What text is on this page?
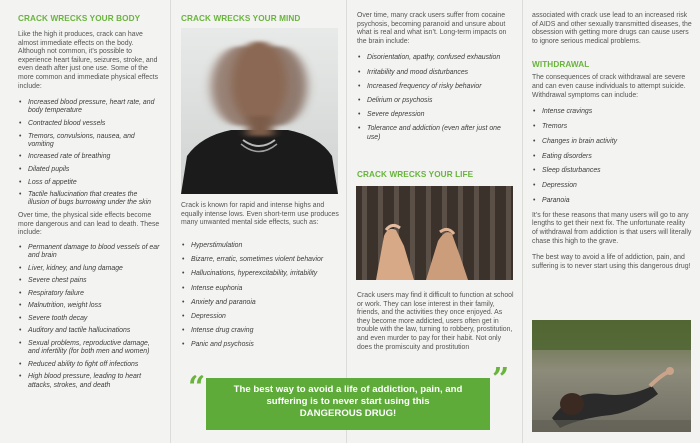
CRACK WRECKS YOUR BODY

Like the high it produces, crack can have almost immediate effects on the body. Although not common, it’s possible to experience heart failure, seizures, stroke, and even death after just one use. Some of the more common and immediate physical effects include:

• Increased blood pressure, heart rate, and body temperature
• Contracted blood vessels
• Tremors, convulsions, nausea, and vomiting
• Increased rate of breathing
• Dilated pupils
• Loss of appetite
• Tactile hallucination that creates the illusion of bugs burrowing under the skin

Over time, the physical side effects become more dangerous and can lead to death. These include:

• Permanent damage to blood vessels of ear and brain
• Liver, kidney, and lung damage
• Severe chest pains
• Respiratory failure
• Malnutrition, weight loss
• Severe tooth decay
• Auditory and tactile hallucinations
• Sexual problems, reproductive damage, and infertility (for both men and women)
• Reduced ability to fight off infections
• High blood pressure, leading to heart attacks, strokes, and death
CRACK WRECKS YOUR MIND

Crack is known for rapid and intense highs and equally intense lows. Even short-term use produces many unwanted mental side effects, such as:

• Hyperstimulation
• Bizarre, erratic, sometimes violent behavior
• Hallucinations, hyperexcitability, irritability
• Intense euphoria
• Anxiety and paranoia
• Depression
• Intense drug craving
• Panic and psychosis

Over time, many crack users suffer from cocaine psychosis, becoming paranoid and unsure about what is real and what isn’t. Long-term impacts on the brain include:

• Disorientation, apathy, confused exhaustion
• Irritability and mood disturbances
• Increased frequency of risky behavior
• Delirium or psychosis
• Severe depression
• Tolerance and addiction (even after just one use)
CRACK WRECKS YOUR LIFE

Crack users may find it difficult to function at school or work. They can lose interest in their family, friends, and the activities they once enjoyed. As they become more addicted, users often get in trouble with the law, turning to robbery, prostitution, and even murder to pay for their habit. Not only does the promiscuity and prostitution

associated with crack use lead to an increased risk of AIDS and other sexually transmitted diseases, the obsession with getting more drugs can cause users to ignore serious medical problems.

WITHDRAWAL

The consequences of crack withdrawal are severe and can even cause individuals to attempt suicide. Withdrawal symptoms can include:

• Intense cravings
• Tremors
• Changes in brain activity
• Eating disorders
• Sleep disturbances
• Depression
• Paranoia

It’s for these reasons that many users will go to any lengths to get their next fix. The unfortunate reality of withdrawal from addiction is that users will literally chase this high to the grave.

The best way to avoid a life of addiction, pain, and suffering is to never start using this dangerous drug!

The best way to avoid a life of addiction, pain, and
suffering is to never start using this
DANGEROUS DRUG!
“	”
